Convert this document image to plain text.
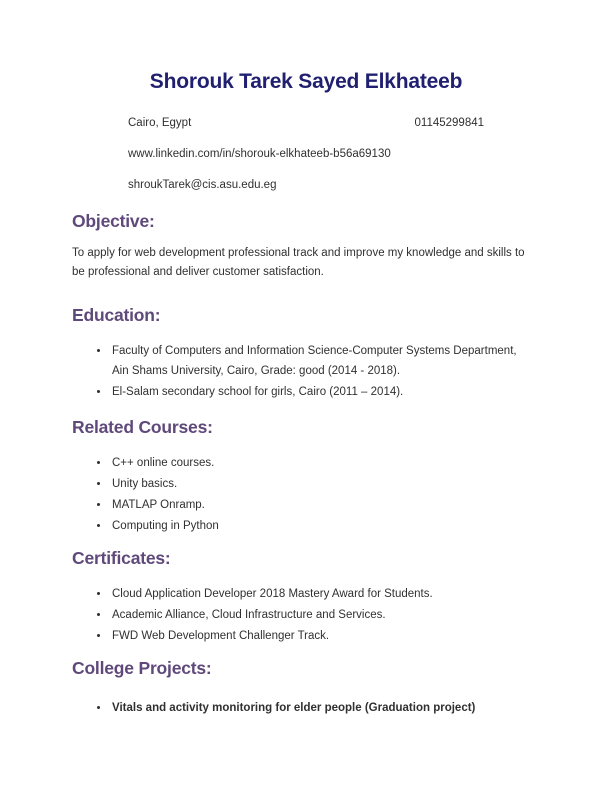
Shorouk Tarek Sayed Elkhateeb
Cairo, Egypt	01145299841
www.linkedin.com/in/shorouk-elkhateeb-b56a69130
shroukTarek@cis.asu.edu.eg
Objective:

To apply for web development professional track and improve my knowledge and skills to be professional and deliver customer satisfaction.

Education:
• Faculty of Computers and Information Science-Computer Systems Department, Ain Shams University, Cairo, Grade: good (2014 - 2018).
• El-Salam secondary school for girls, Cairo (2011 – 2014).
Related Courses:
• C++ online courses.
• Unity basics.
• MATLAP Onramp.
• Computing in Python
Certificates:
• Cloud Application Developer 2018 Mastery Award for Students.
• Academic Alliance, Cloud Infrastructure and Services.
• FWD Web Development Challenger Track.
College Projects:
• Vitals and activity monitoring for elder people (Graduation project)
